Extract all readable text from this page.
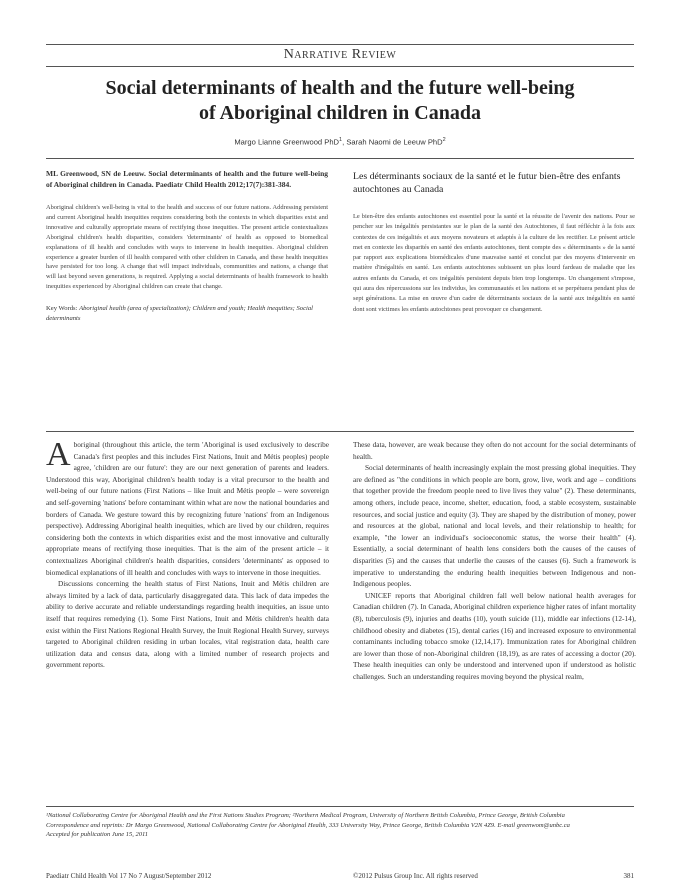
Narrative Review
Social determinants of health and the future well-being
of Aboriginal children in Canada
Margo Lianne Greenwood PhD$^1$, Sarah Naomi de Leeuw PhD$^2$
ML Greenwood, SN de Leeuw. Social determinants of health and the future well-being of Aboriginal children in Canada. Paediatr Child Health 2012;17(7):381-384.
Aboriginal children's well-being is vital to the health and success of our future nations. Addressing persistent and current Aboriginal health inequities requires considering both the contexts in which disparities exist and innovative and culturally appropriate means of rectifying those inequities. The present article contextualizes Aboriginal children's health disparities, considers 'determinants' of health as opposed to biomedical explanations of ill health and concludes with ways to intervene in health inequities. Aboriginal children experience a greater burden of ill health compared with other children in Canada, and these health inequities have persisted for too long. A change that will impact individuals, communities and nations, a change that will last beyond seven generations, is required. Applying a social determinants of health framework to health inequities experienced by Aboriginal children can create that change.
Key Words: Aboriginal health (area of specialization); Children and youth; Health inequities; Social determinants
Les déterminants sociaux de la santé et le futur bien-être des enfants autochtones au Canada
Le bien-être des enfants autochtones est essentiel pour la santé et la réussite de l'avenir des nations. Pour se pencher sur les inégalités persistantes sur le plan de la santé des Autochtones, il faut réfléchir à la fois aux contextes de ces inégalités et aux moyens novateurs et adaptés à la culture de les rectifier. Le présent article met en contexte les disparités en santé des enfants autochtones, tient compte des « déterminants » de la santé par rapport aux explications biomédicales d'une mauvaise santé et conclut par des moyens d'intervenir en matière d'inégalités en santé. Les enfants autochtones subissent un plus lourd fardeau de maladie que les autres enfants du Canada, et ces inégalités persistent depuis bien trop longtemps. Un changement s'impose, qui aura des répercussions sur les individus, les communautés et les nations et se perpétuera pendant plus de sept générations. La mise en œuvre d'un cadre de déterminants sociaux de la santé aux inégalités en santé dont sont victimes les enfants autochtones peut provoquer ce changement.

Aboriginal (throughout this article, the term 'Aboriginal is used exclusively to describe Canada's first peoples and this includes First Nations, Inuit and Métis peoples) people agree, 'children are our future': they are our next generation of parents and leaders. Understood this way, Aboriginal children's health today is a vital precursor to the health and well-being of our future nations (First Nations – like Inuit and Métis people – were sovereign and self-governing 'nations' before contaminant within what are now the national boundaries and borders of Canada. We gesture toward this by recognizing future 'nations' from an Indigenous perspective). Addressing Aboriginal health inequities, which are lived by our children, requires considering both the contexts in which disparities exist and the most innovative and culturally appropriate means of rectifying those inequities. That is the aim of the present article – it contextualizes Aboriginal children's health disparities, considers 'determinants' as opposed to biomedical explanations of ill health and concludes with ways to intervene in those inequities.

Discussions concerning the health status of First Nations, Inuit and Métis children are always limited by a lack of data, particularly disaggregated data. This lack of data impedes the ability to derive accurate and reliable understandings regarding health inequities, an issue unto itself that requires remedying (1). Some First Nations, Inuit and Métis children's health data exist within the First Nations Regional Health Survey, the Inuit Regional Health Survey, surveys targeted to Aboriginal children residing in urban locales, vital registration data, health care utilization data and census data, along with a limited number of research projects and government reports.

These data, however, are weak because they often do not account for the social determinants of health.

Social determinants of health increasingly explain the most pressing global inequities. They are defined as "the conditions in which people are born, grow, live, work and age – conditions that together provide the freedom people need to live lives they value" (2). These determinants, among others, include peace, income, shelter, education, food, a stable ecosystem, sustainable resources, and social justice and equity (3). They are shaped by the distribution of money, power and resources at the global, national and local levels, and their relationship to health; for example, "the lower an individual's socioeconomic status, the worse their health" (4). Essentially, a social determinant of health lens considers both the causes of the causes of disparities (5) and the causes that underlie the causes of the causes (6). Such a framework is imperative to understanding the enduring health inequities between Indigenous and non-Indigenous peoples.

UNICEF reports that Aboriginal children fall well below national health averages for Canadian children (7). In Canada, Aboriginal children experience higher rates of infant mortality (8), tuberculosis (9), injuries and deaths (10), youth suicide (11), middle ear infections (12-14), childhood obesity and diabetes (15), dental caries (16) and increased exposure to environmental contaminants including tobacco smoke (12,14,17). Immunization rates for Aboriginal children are lower than those of non-Aboriginal children (18,19), as are rates of accessing a doctor (20). These health inequities can only be understood and intervened upon if understood as holistic challenges. Such an understanding requires moving beyond the physical realm,

¹National Collaborating Centre for Aboriginal Health and the First Nations Studies Program; ²Northern Medical Program, University of Northern British Columbia, Prince George, British Columbia
Correspondence and reprints: Dr Margo Greenwood, National Collaborating Centre for Aboriginal Health, 333 University Way, Prince George, British Columbia V2N 4Z9. E-mail greenwom@unbc.ca
Accepted for publication June 15, 2011
Paediatr Child Health Vol 17 No 7 August/September 2012	©2012 Pulsus Group Inc. All rights reserved	381
